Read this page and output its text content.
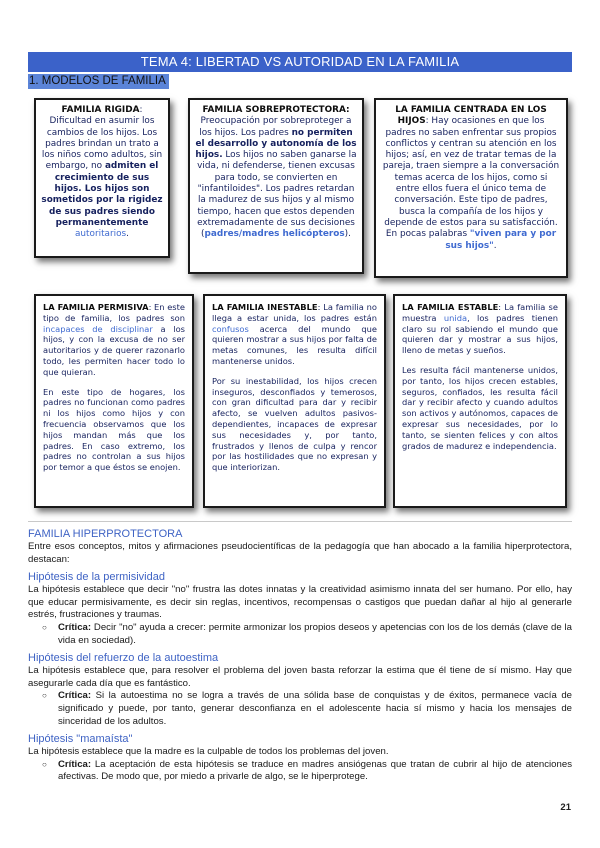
TEMA 4: LIBERTAD VS AUTORIDAD EN LA FAMILIA
1. MODELOS DE FAMILIA
FAMILIA RIGIDA: Dificultad en asumir los cambios de los hijos. Los padres brindan un trato a los niños como adultos, sin embargo, no admiten el crecimiento de sus hijos. Los hijos son sometidos por la rigidez de sus padres siendo permanentemente autoritarios.
FAMILIA SOBREPROTECTORA:
Preocupación por sobreproteger a los hijos. Los padres no permiten el desarrollo y autonomía de los hijos. Los hijos no saben ganarse la vida, ni defenderse, tienen excusas para todo, se convierten en "infantiloides". Los padres retardan la madurez de sus hijos y al mismo tiempo, hacen que estos dependen extremadamente de sus decisiones (padres/madres helicópteros).
LA FAMILIA CENTRADA EN LOS HIJOS: Hay ocasiones en que los padres no saben enfrentar sus propios conflictos y centran su atención en los hijos; así, en vez de tratar temas de la pareja, traen siempre a la conversación temas acerca de los hijos, como si entre ellos fuera el único tema de conversación. Este tipo de padres, busca la compañía de los hijos y depende de estos para su satisfacción. En pocas palabras "viven para y por sus hijos".

LA FAMILIA PERMISIVA: En este tipo de familia, los padres son incapaces de disciplinar a los hijos, y con la excusa de no ser autoritarios y de querer razonarlo todo, les permiten hacer todo lo que quieran.

En este tipo de hogares, los padres no funcionan como padres ni los hijos como hijos y con frecuencia observamos que los hijos mandan más que los padres. En caso extremo, los padres no controlan a sus hijos por temor a que éstos se enojen.

LA FAMILIA INESTABLE: La familia no llega a estar unida, los padres están confusos acerca del mundo que quieren mostrar a sus hijos por falta de metas comunes, les resulta difícil mantenerse unidos.

Por su inestabilidad, los hijos crecen inseguros, desconfiados y temerosos, con gran dificultad para dar y recibir afecto, se vuelven adultos pasivos-dependientes, incapaces de expresar sus necesidades y, por tanto, frustrados y llenos de culpa y rencor por las hostilidades que no expresan y que interiorizan.

LA FAMILIA ESTABLE: La familia se muestra unida, los padres tienen claro su rol sabiendo el mundo que quieren dar y mostrar a sus hijos, lleno de metas y sueños.

Les resulta fácil mantenerse unidos, por tanto, los hijos crecen estables, seguros, confiados, les resulta fácil dar y recibir afecto y cuando adultos son activos y autónomos, capaces de expresar sus necesidades, por lo tanto, se sienten felices y con altos grados de madurez e independencia.

FAMILIA HIPERPROTECTORA

Entre esos conceptos, mitos y afirmaciones pseudocientíficas de la pedagogía que han abocado a la familia hiperprotectora, destacan:

Hipótesis de la permisividad

La hipótesis establece que decir "no" frustra las dotes innatas y la creatividad asimismo innata del ser humano. Por ello, hay que educar permisivamente, es decir sin reglas, incentivos, recompensas o castigos que puedan dañar al hijo al generarle estrés, frustraciones y traumas.

○ Crítica: Decir "no" ayuda a crecer: permite armonizar los propios deseos y apetencias con los de los demás (clave de la vida en sociedad).
Hipótesis del refuerzo de la autoestima

La hipótesis establece que, para resolver el problema del joven basta reforzar la estima que él tiene de sí mismo. Hay que asegurarle cada día que es fantástico.

○ Crítica: Si la autoestima no se logra a través de una sólida base de conquistas y de éxitos, permanece vacía de significado y puede, por tanto, generar desconfianza en el adolescente hacia sí mismo y hacia los mensajes de sinceridad de los adultos.
Hipótesis "mamaísta"

La hipótesis establece que la madre es la culpable de todos los problemas del joven.

○ Crítica: La aceptación de esta hipótesis se traduce en madres ansiógenas que tratan de cubrir al hijo de atenciones afectivas. De modo que, por miedo a privarle de algo, se le hiperprotege.
21
